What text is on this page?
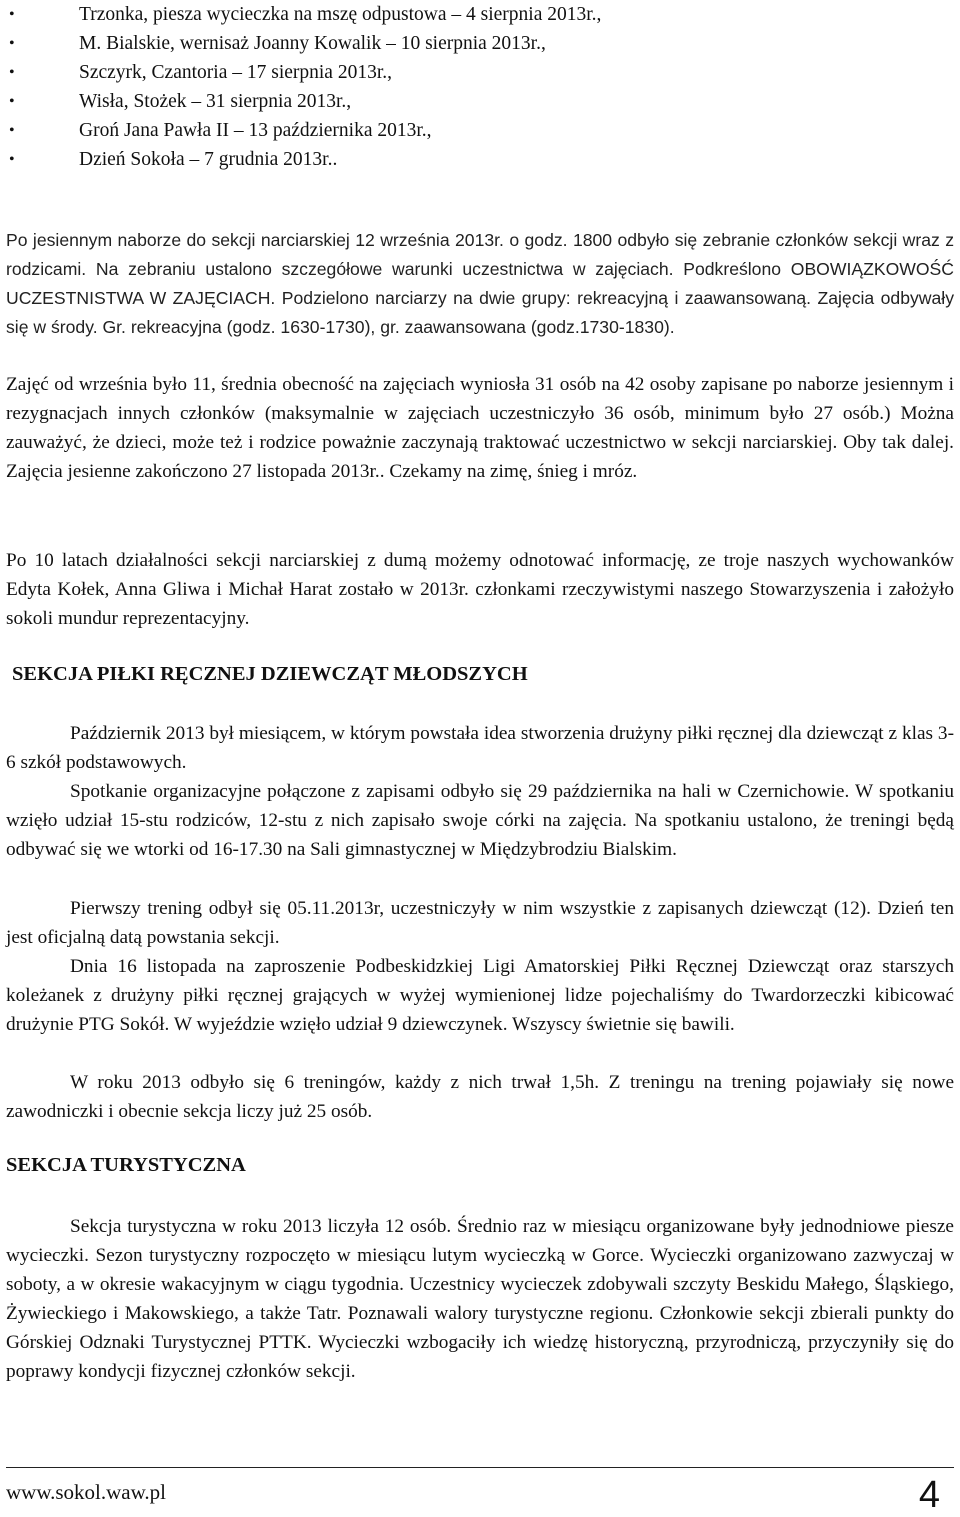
•	Trzonka, piesza wycieczka na mszę odpustowa – 4 sierpnia 2013r.,
•	M. Bialskie, wernisaż Joanny Kowalik – 10 sierpnia 2013r.,
•	Szczyrk, Czantoria – 17 sierpnia 2013r.,
•	Wisła, Stożek – 31 sierpnia 2013r.,
•	Groń Jana Pawła II – 13 października 2013r.,
•	Dzień Sokoła – 7 grudnia 2013r..

Po jesiennym naborze do sekcji narciarskiej 12 września 2013r. o godz. 1800 odbyło się zebranie członków sekcji wraz z rodzicami. Na zebraniu ustalono szczegółowe warunki uczestnictwa w zajęciach. Podkreślono OBOWIĄZKOWOŚĆ UCZESTNISTWA W ZAJĘCIACH. Podzielono narciarzy na dwie grupy: rekreacyjną i zaawansowaną. Zajęcia odbywały się w środy. Gr. rekreacyjna (godz. 1630-1730), gr. zaawansowana (godz.1730-1830).

Zajęć od września było 11, średnia obecność na zajęciach wyniosła 31 osób na 42 osoby zapisane po naborze jesiennym i rezygnacjach innych członków (maksymalnie w zajęciach uczestniczyło 36 osób, minimum było 27 osób.) Można zauważyć, że dzieci, może też i rodzice poważnie zaczynają traktować uczestnictwo w sekcji narciarskiej. Oby tak dalej. Zajęcia jesienne zakończono 27 listopada 2013r.. Czekamy na zimę, śnieg i mróz.

Po 10 latach działalności sekcji narciarskiej z dumą możemy odnotować informację, ze troje naszych wychowanków Edyta Kołek, Anna Gliwa i Michał Harat zostało w 2013r. członkami rzeczywistymi naszego Stowarzyszenia i założyło sokoli mundur reprezentacyjny.

SEKCJA PIŁKI RĘCZNEJ DZIEWCZĄT MŁODSZYCH

Październik 2013 był miesiącem, w którym powstała idea stworzenia drużyny piłki ręcznej dla dziewcząt z klas 3-6 szkół podstawowych.

Spotkanie organizacyjne połączone z zapisami odbyło się 29 października na hali w Czernichowie. W spotkaniu wzięło udział 15-stu rodziców, 12-stu z nich zapisało swoje córki na zajęcia. Na spotkaniu ustalono, że treningi będą odbywać się we wtorki od 16-17.30 na Sali gimnastycznej w Międzybrodziu Bialskim.

Pierwszy trening odbył się 05.11.2013r, uczestniczyły w nim wszystkie z zapisanych dziewcząt (12). Dzień ten jest oficjalną datą powstania sekcji.

Dnia 16 listopada na zaproszenie Podbeskidzkiej Ligi Amatorskiej Piłki Ręcznej Dziewcząt oraz starszych koleżanek z drużyny piłki ręcznej grających w wyżej wymienionej lidze pojechaliśmy do Twardorzeczki kibicować drużynie PTG Sokół. W wyjeździe wzięło udział 9 dziewczynek. Wszyscy świetnie się bawili.

W roku 2013 odbyło się 6 treningów, każdy z nich trwał 1,5h. Z treningu na trening pojawiały się nowe zawodniczki i obecnie sekcja liczy już 25 osób.

SEKCJA TURYSTYCZNA

Sekcja turystyczna w roku 2013 liczyła 12 osób. Średnio raz w miesiącu organizowane były jednodniowe piesze wycieczki. Sezon turystyczny rozpoczęto w miesiącu lutym wycieczką w Gorce. Wycieczki organizowano zazwyczaj w soboty, a w okresie wakacyjnym w ciągu tygodnia. Uczestnicy wycieczek zdobywali szczyty Beskidu Małego, Śląskiego, Żywieckiego i Makowskiego, a także Tatr. Poznawali walory turystyczne regionu. Członkowie sekcji zbierali punkty do Górskiej Odznaki Turystycznej PTTK. Wycieczki wzbogaciły ich wiedzę historyczną, przyrodniczą, przyczyniły się do poprawy kondycji fizycznej członków sekcji.

www.sokol.waw.pl	4
